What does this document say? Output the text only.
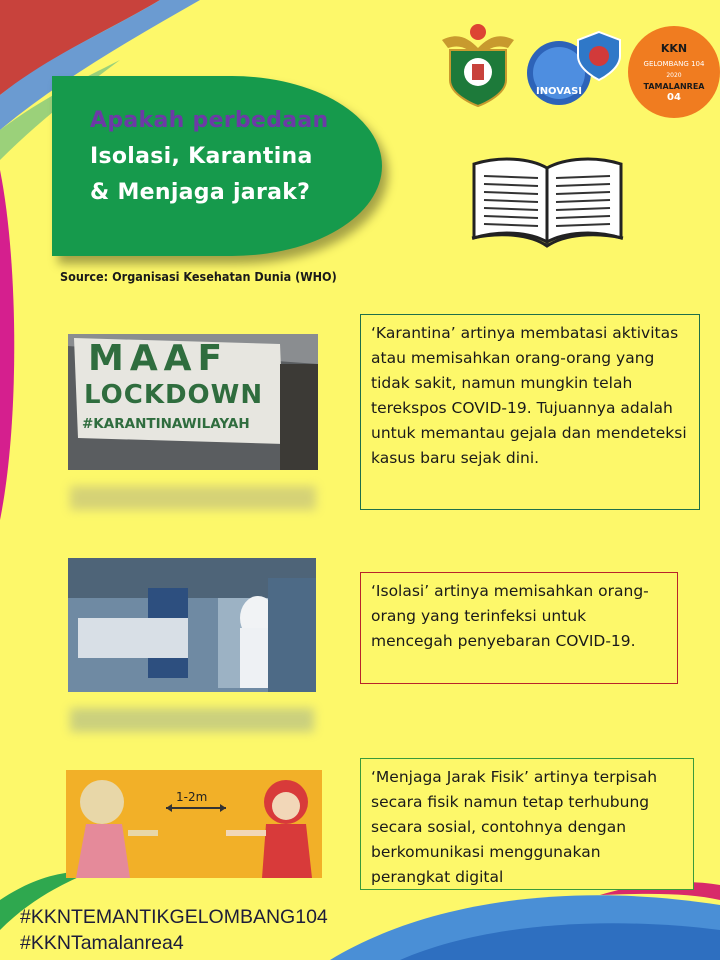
Apakah perbedaan
Isolasi, Karantina
& Menjaga jarak?
Source: Organisasi Kesehatan Dunia (WHO)
INOVASI
KKN
GELOMBANG 104
2020
TAMALANREA
04
MAAF
LOCKDOWN
#KARANTINAWILAYAH
1-2m
‘Karantina’ artinya membatasi aktivitas atau memisahkan orang-orang yang tidak sakit, namun mungkin telah terekspos COVID-19. Tujuannya adalah untuk memantau gejala dan mendeteksi kasus baru sejak dini.
‘Isolasi’ artinya memisahkan orang-orang yang terinfeksi untuk mencegah penyebaran COVID-19.
‘Menjaga Jarak Fisik’ artinya terpisah secara fisik namun tetap terhubung secara sosial, contohnya dengan berkomunikasi menggunakan perangkat digital
#KKNTEMANTIKGELOMBANG104
#KKNTamalanrea4
